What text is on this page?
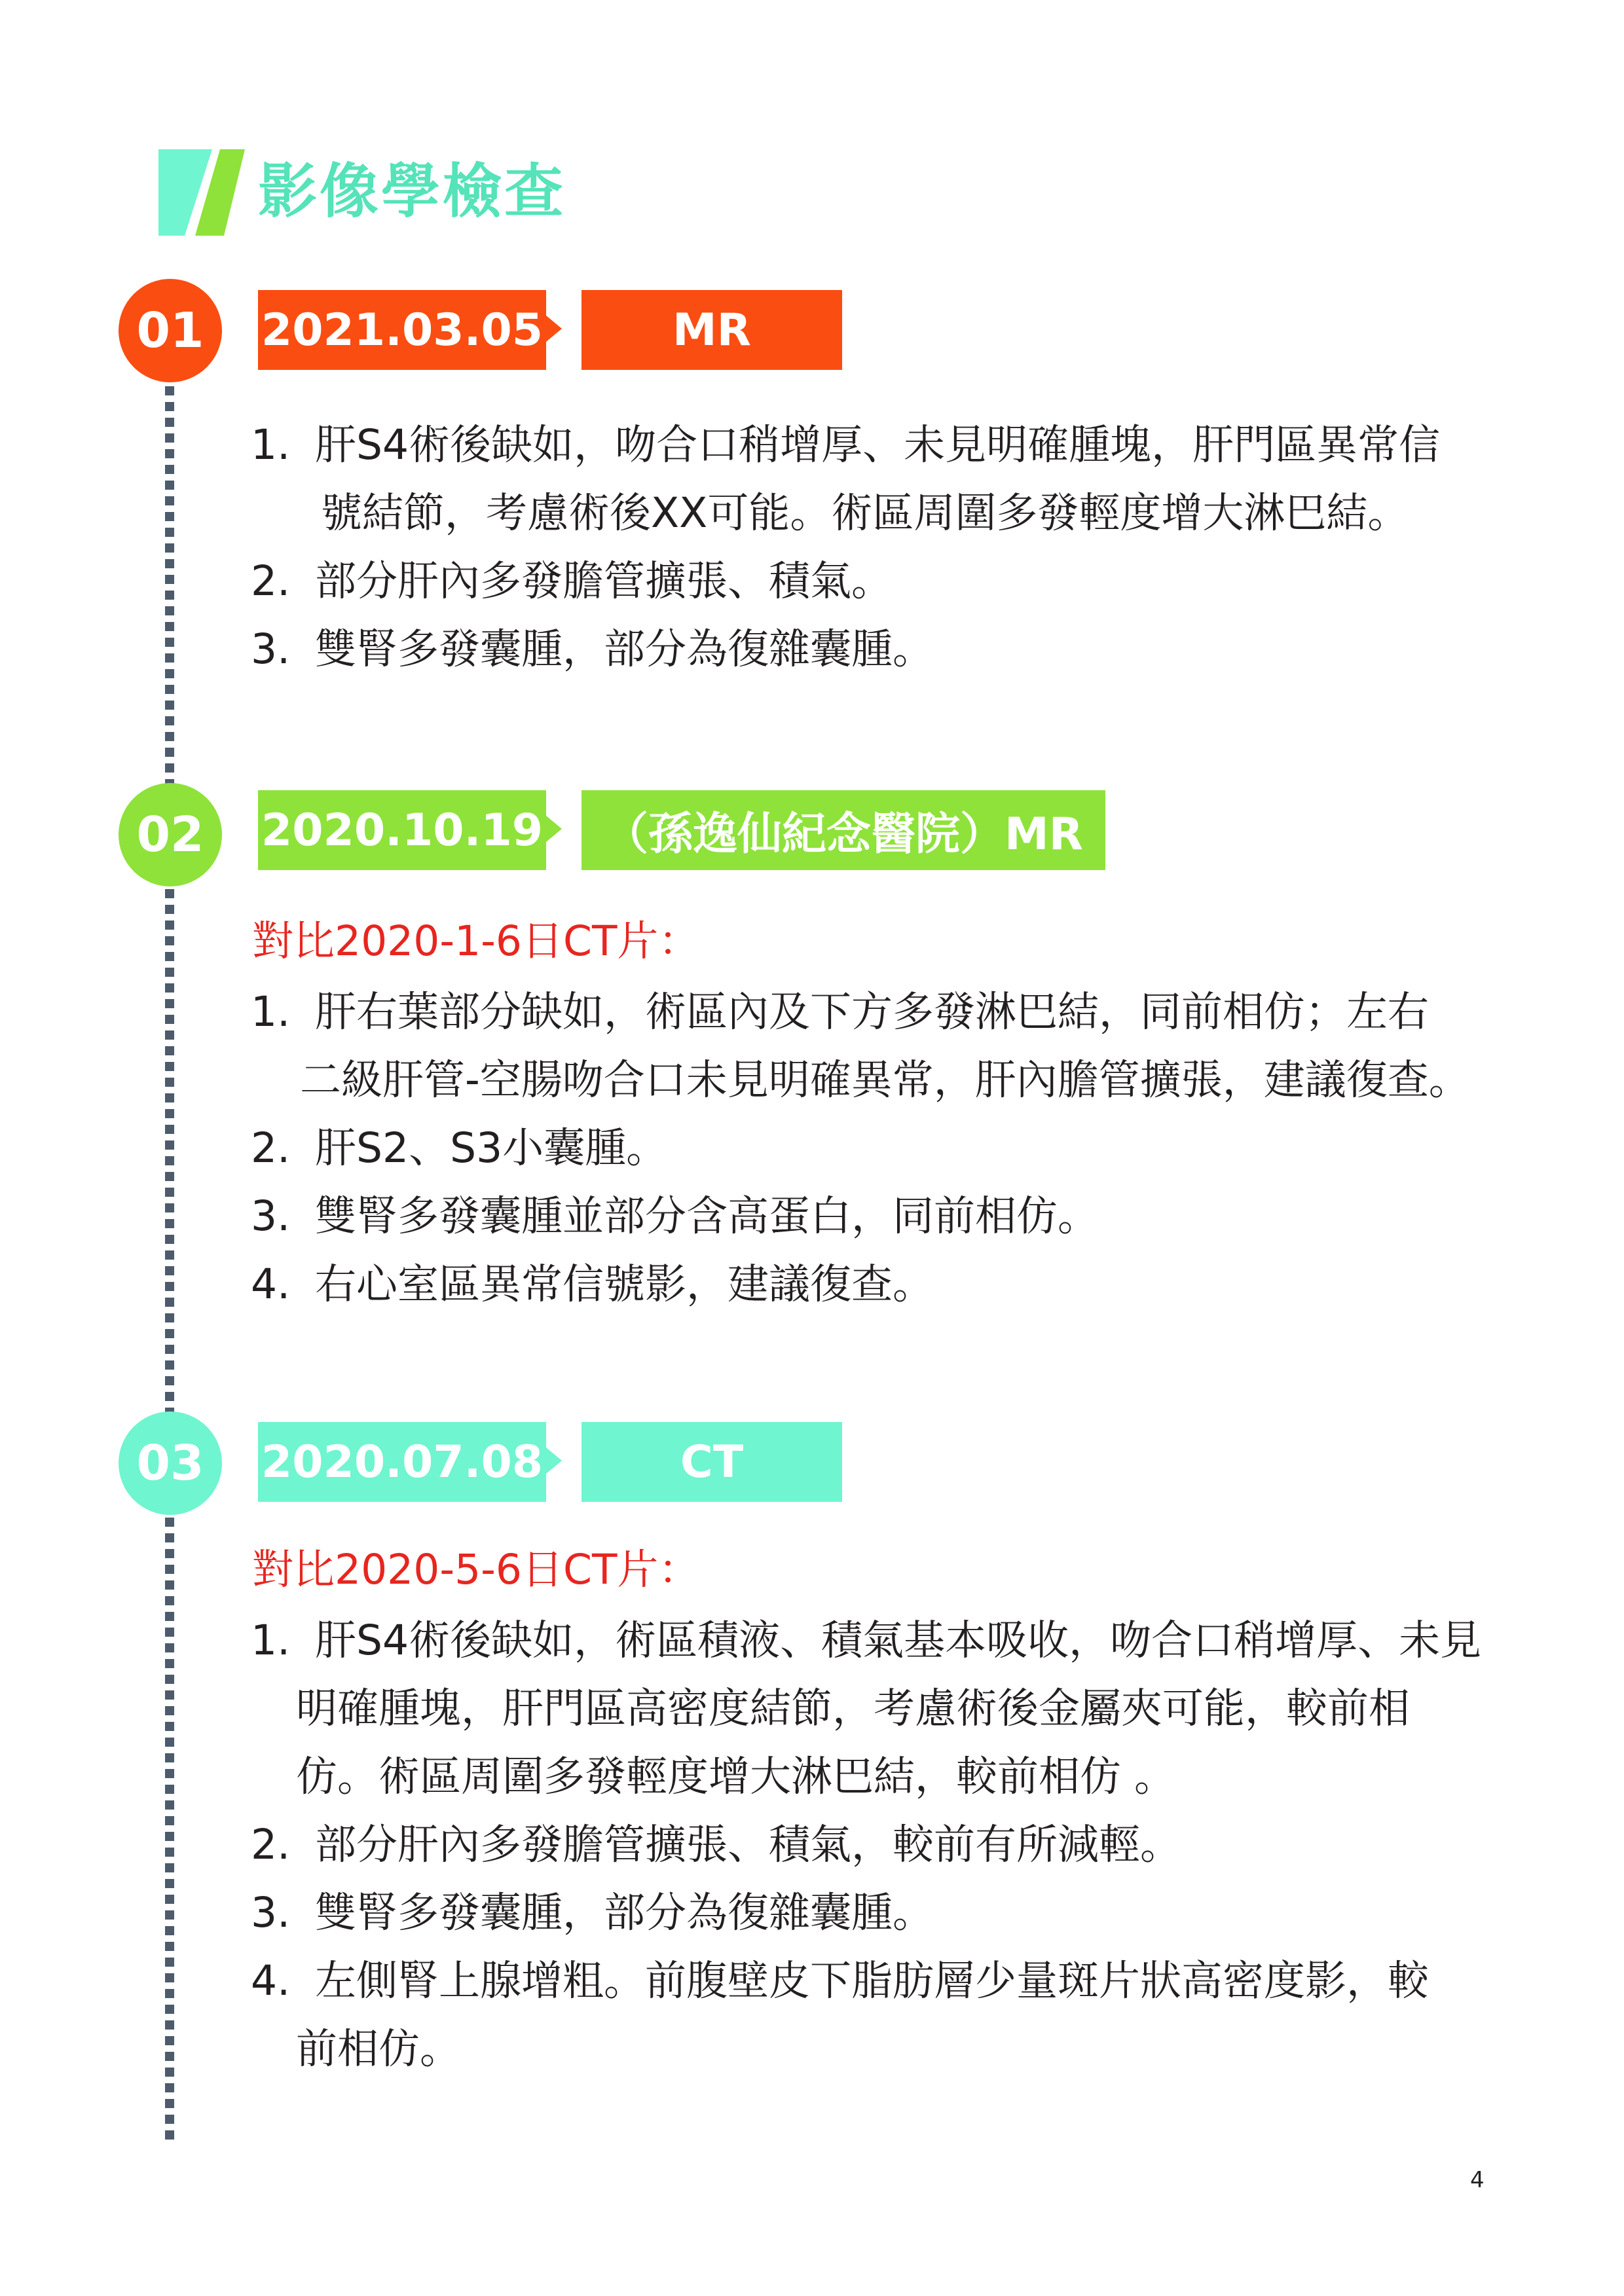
影像學檢查
01	2021.03.05	MR
1. 肝S4術後缺如，吻合口稍增厚、未見明確腫塊，肝門區異常信
號結節，考慮術後XX可能。術區周圍多發輕度增大淋巴結。
2. 部分肝內多發膽管擴張、積氣。
3. 雙腎多發囊腫，部分為復雜囊腫。
02	2020.10.19	（孫逸仙紀念醫院）MR
對比2020-1-6日CT片：
1. 肝右葉部分缺如，術區內及下方多發淋巴結，同前相仿；左右
二級肝管-空腸吻合口未見明確異常，肝內膽管擴張，建議復查。
2. 肝S2、S3小囊腫。
3. 雙腎多發囊腫並部分含高蛋白，同前相仿。
4. 右心室區異常信號影，建議復查。
03	2020.07.08	CT
對比2020-5-6日CT片：
1. 肝S4術後缺如，術區積液、積氣基本吸收，吻合口稍增厚、未見
明確腫塊，肝門區高密度結節，考慮術後金屬夾可能，較前相
仿。術區周圍多發輕度增大淋巴結，較前相仿 。
2. 部分肝內多發膽管擴張、積氣，較前有所減輕。
3. 雙腎多發囊腫，部分為復雜囊腫。
4. 左側腎上腺增粗。前腹壁皮下脂肪層少量斑片狀高密度影，較
前相仿。
4
